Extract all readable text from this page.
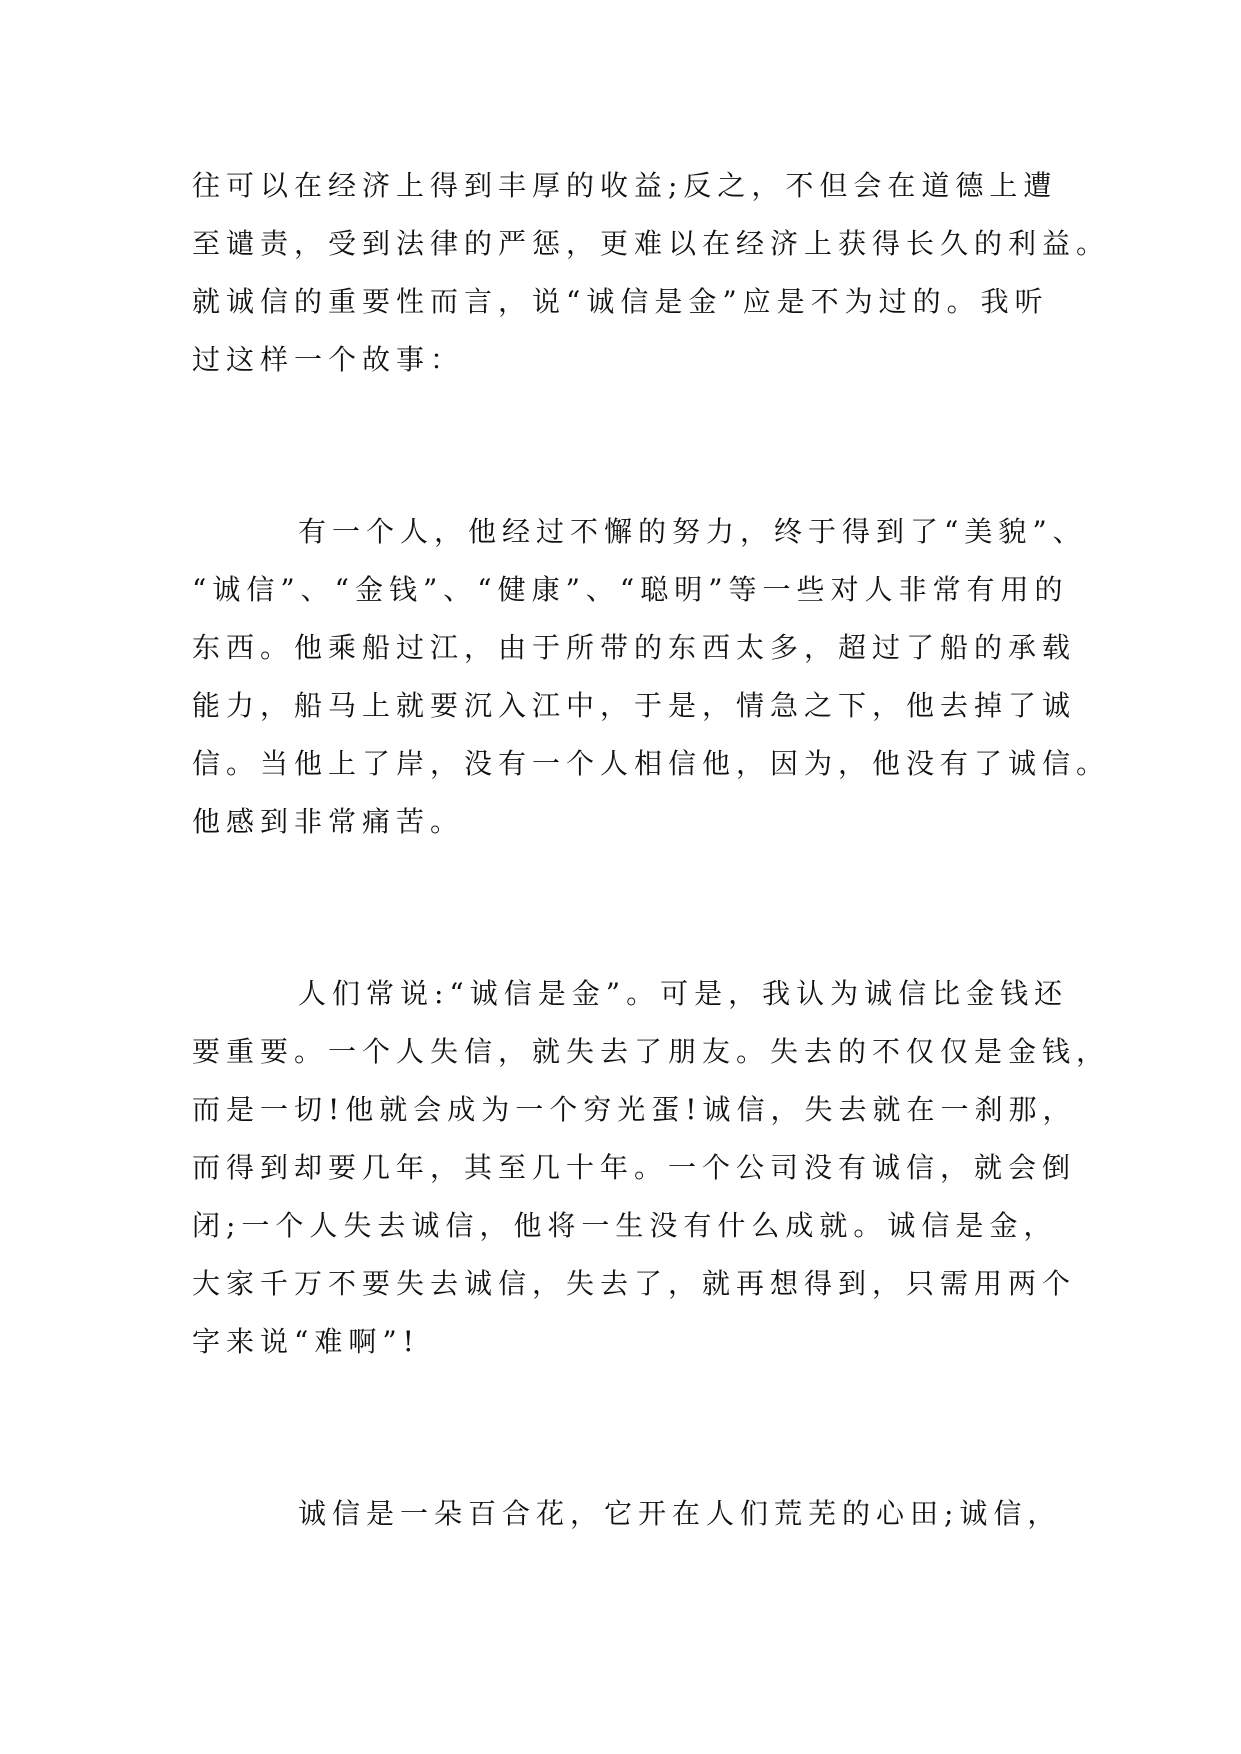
往可以在经济上得到丰厚的收益;反之，不但会在道德上遭
至谴责，受到法律的严惩，更难以在经济上获得长久的利益。
就诚信的重要性而言，说“诚信是金”应是不为过的。我听
过这样一个故事：
有一个人，他经过不懈的努力，终于得到了“美貌”、
“诚信”、“金钱”、“健康”、“聪明”等一些对人非常有用的
东西。他乘船过江，由于所带的东西太多，超过了船的承载
能力，船马上就要沉入江中，于是，情急之下，他去掉了诚
信。当他上了岸，没有一个人相信他，因为，他没有了诚信。
他感到非常痛苦。
人们常说:“诚信是金”。可是，我认为诚信比金钱还
要重要。一个人失信，就失去了朋友。失去的不仅仅是金钱，
而是一切!他就会成为一个穷光蛋!诚信，失去就在一刹那，
而得到却要几年，其至几十年。一个公司没有诚信，就会倒
闭;一个人失去诚信，他将一生没有什么成就。诚信是金，
大家千万不要失去诚信，失去了，就再想得到，只需用两个
字来说“难啊”!
诚信是一朵百合花，它开在人们荒芜的心田;诚信，
